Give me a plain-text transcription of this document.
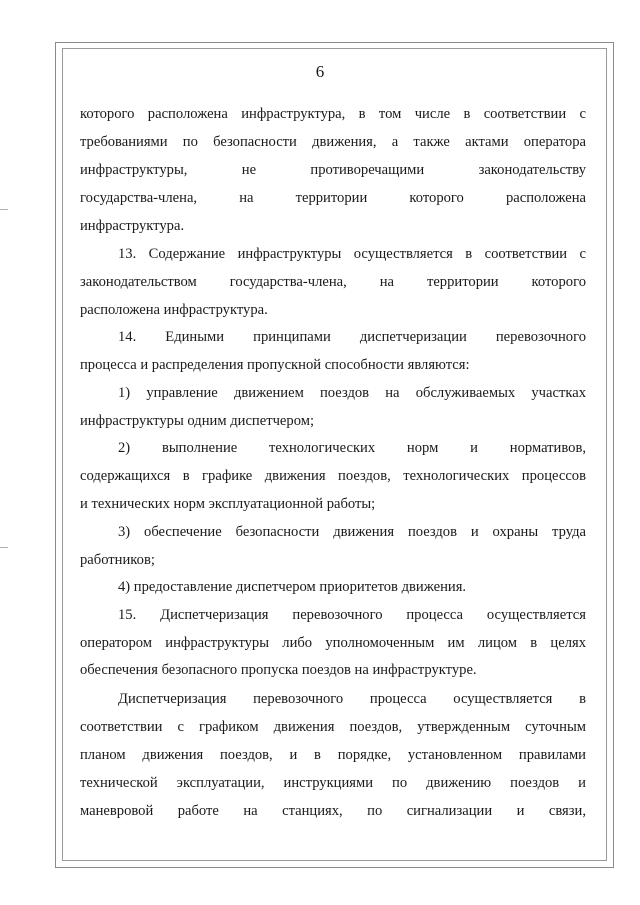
6
которого расположена инфраструктура, в том числе в соответствии с
требованиями по безопасности движения, а также актами оператора
инфраструктуры, не противоречащими законодательству
государства-члена, на территории которого расположена
инфраструктура.
13. Содержание инфраструктуры осуществляется в соответствии с
законодательством государства-члена, на территории которого
расположена инфраструктура.
14. Едиными принципами диспетчеризации перевозочного
процесса и распределения пропускной способности являются:
1) управление движением поездов на обслуживаемых участках
инфраструктуры одним диспетчером;
2) выполнение технологических норм и нормативов,
содержащихся в графике движения поездов, технологических процессов
и технических норм эксплуатационной работы;
3) обеспечение безопасности движения поездов и охраны труда
работников;
4) предоставление диспетчером приоритетов движения.
15. Диспетчеризация перевозочного процесса осуществляется
оператором инфраструктуры либо уполномоченным им лицом в целях
обеспечения безопасного пропуска поездов на инфраструктуре.
Диспетчеризация перевозочного процесса осуществляется в
соответствии с графиком движения поездов, утвержденным суточным
планом движения поездов, и в порядке, установленном правилами
технической эксплуатации, инструкциями по движению поездов и
маневровой работе на станциях, по сигнализации и связи,
